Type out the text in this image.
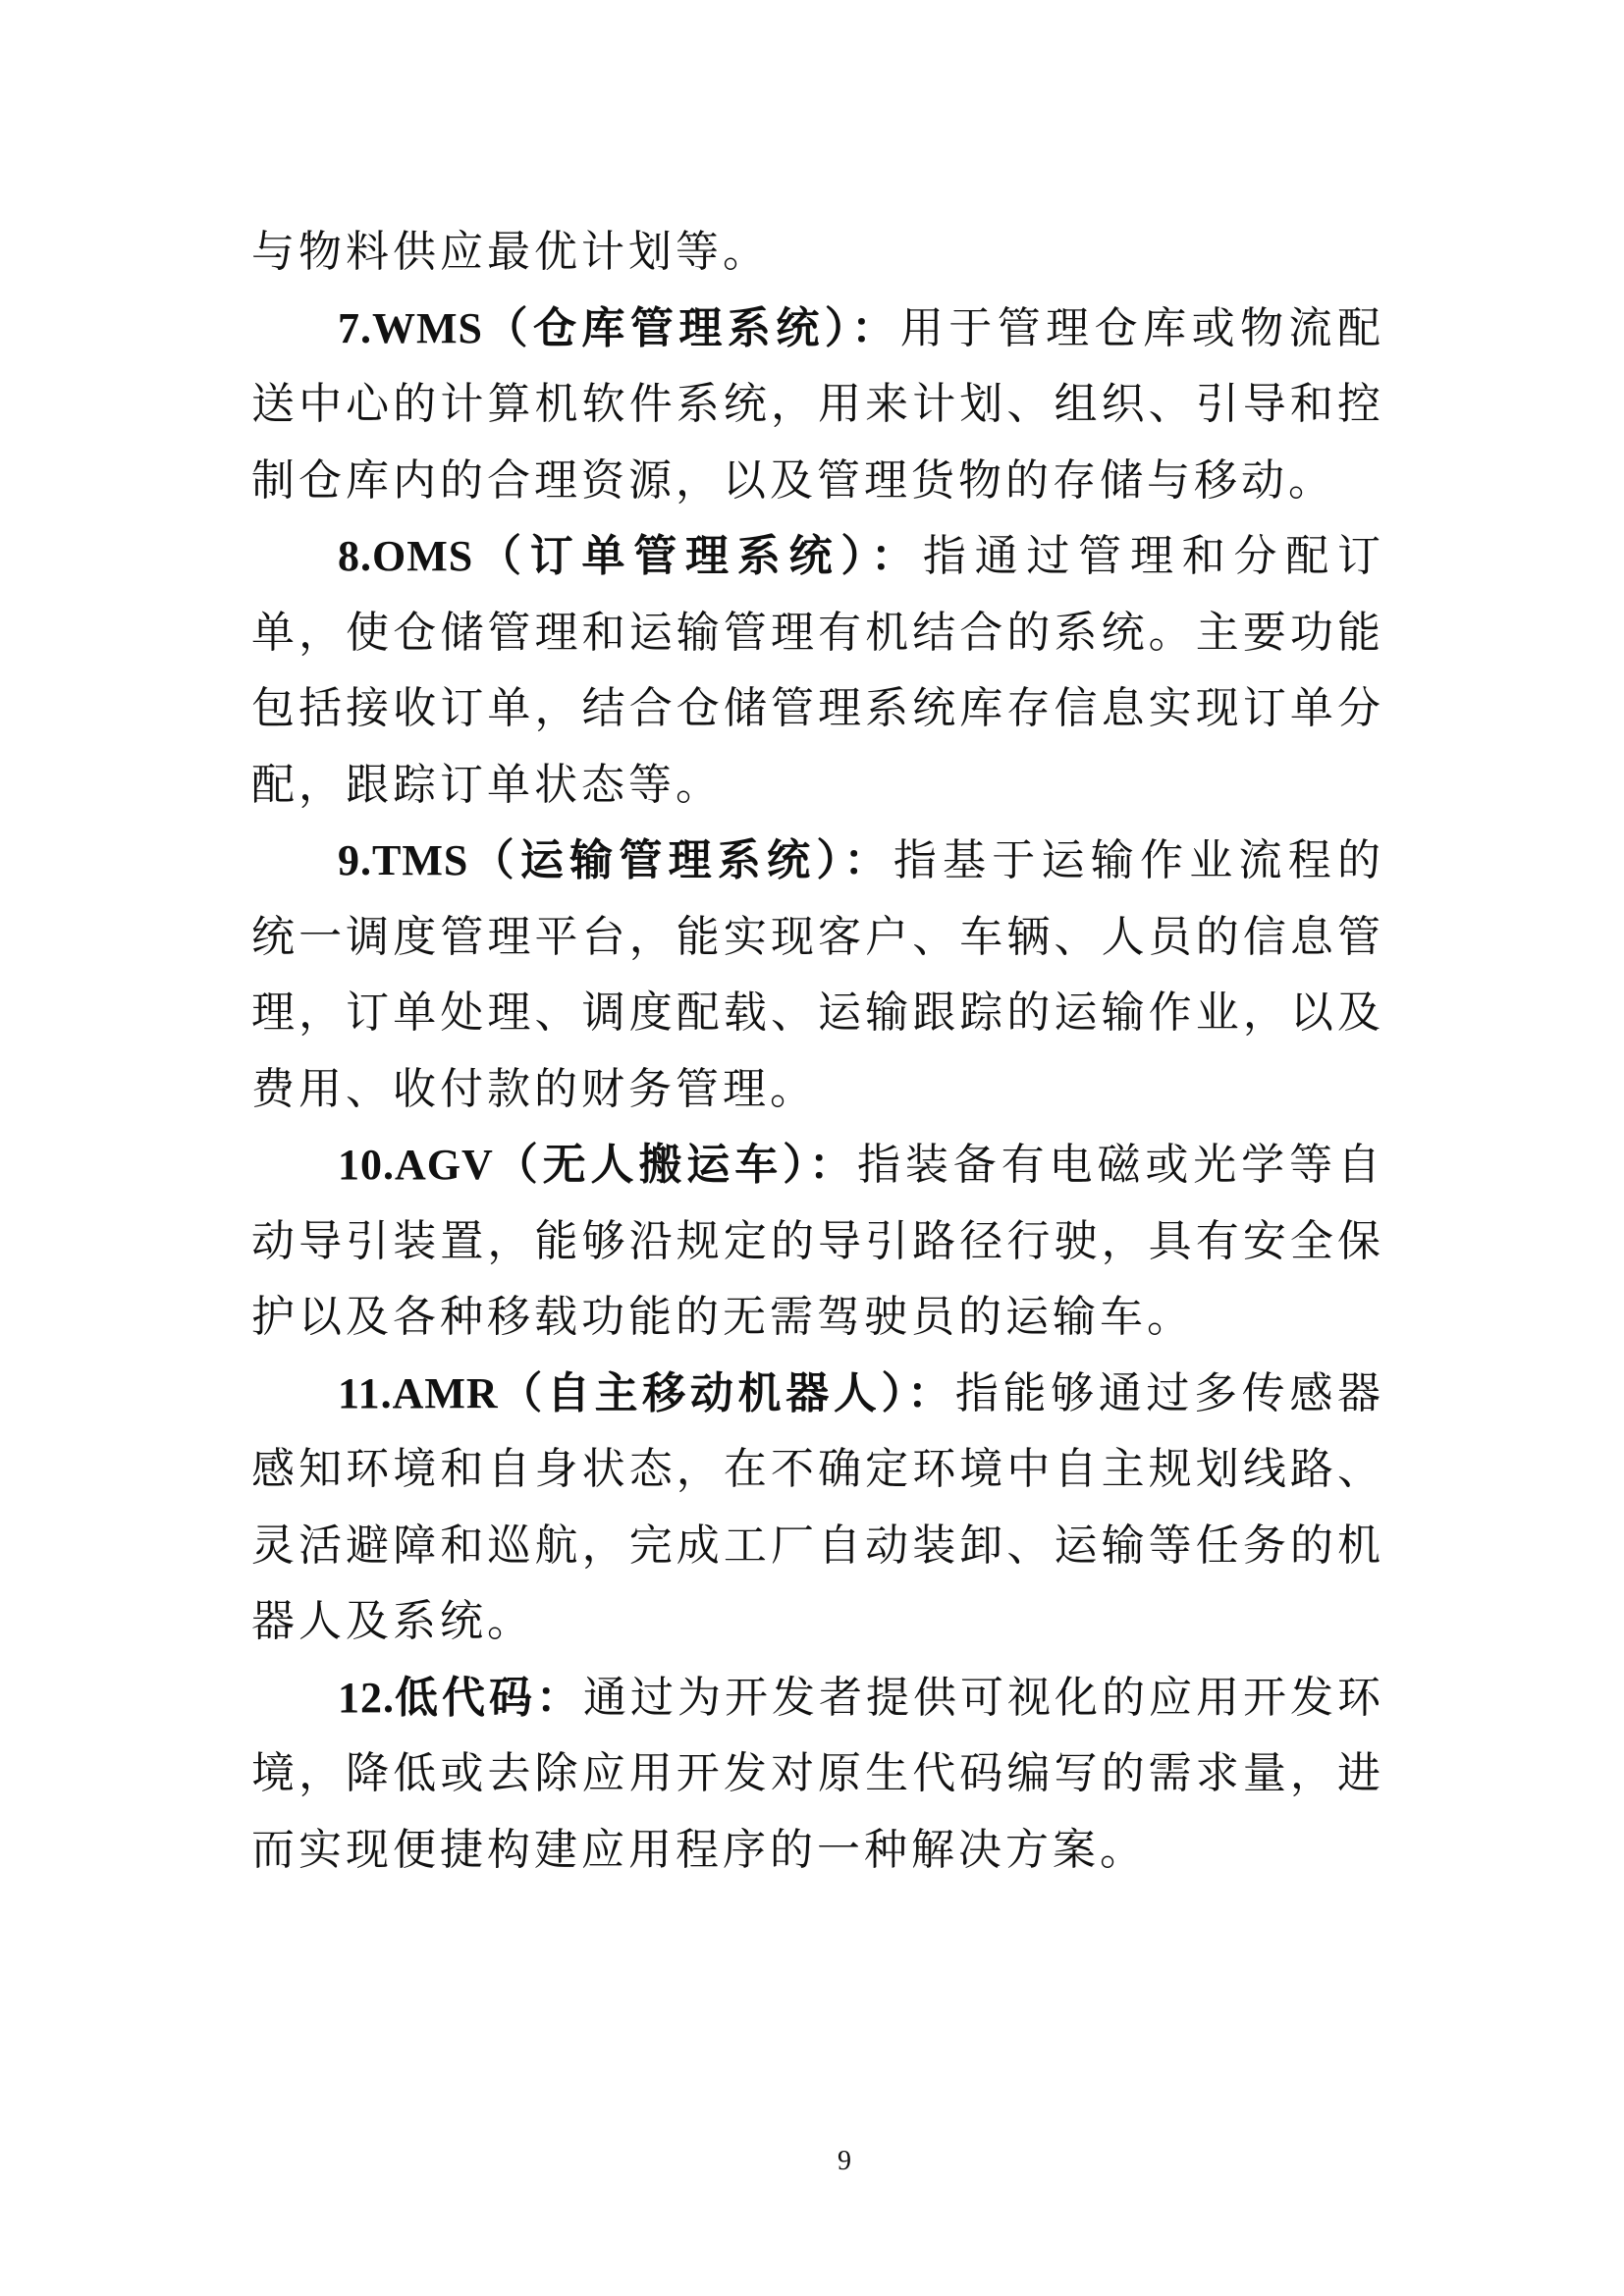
与物料供应最优计划等。

7.WMS（仓库管理系统）：用于管理仓库或物流配送中心的计算机软件系统，用来计划、组织、引导和控制仓库内的合理资源，以及管理货物的存储与移动。

8.OMS（订单管理系统）：指通过管理和分配订单，使仓储管理和运输管理有机结合的系统。主要功能包括接收订单，结合仓储管理系统库存信息实现订单分配，跟踪订单状态等。

9.TMS（运输管理系统）：指基于运输作业流程的统一调度管理平台，能实现客户、车辆、人员的信息管理，订单处理、调度配载、运输跟踪的运输作业，以及费用、收付款的财务管理。

10.AGV（无人搬运车）：指装备有电磁或光学等自动导引装置，能够沿规定的导引路径行驶，具有安全保护以及各种移载功能的无需驾驶员的运输车。

11.AMR（自主移动机器人）：指能够通过多传感器感知环境和自身状态，在不确定环境中自主规划线路、灵活避障和巡航，完成工厂自动装卸、运输等任务的机器人及系统。

12.低代码：通过为开发者提供可视化的应用开发环境，降低或去除应用开发对原生代码编写的需求量，进而实现便捷构建应用程序的一种解决方案。

9
